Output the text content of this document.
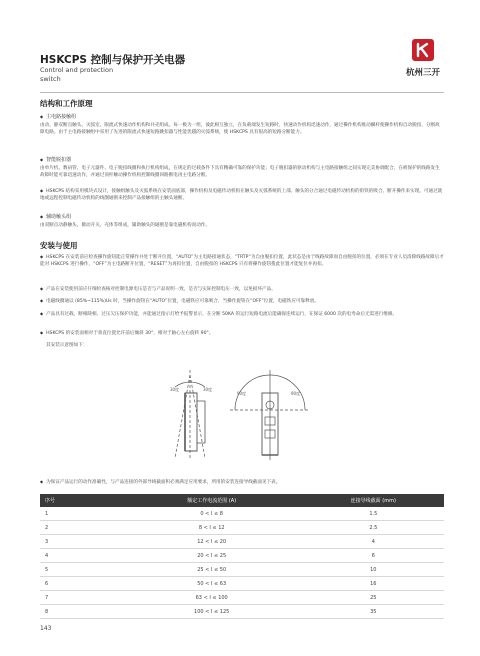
HSKCPS 控制与保护开关电器
Control and protection
switch
杭州三开
结构和工作原理
◆ 主电路接触组
由动、静双断点触头、灭弧室、限流式快速动作机构和并壳组成。每一极为一组，彼此相互独立，在负载端发生短路时，快速动作机构迅速动作，通过操作机构推动棘杆使操作机构自动脱扣，分断故障电路。由于主电路接触组中采用了先进的限流式快速短路跳扣器与性能优越的灭弧系统，使 HSKCPS 具有很高的短路分断能力。
◆ 智能脱扣器
由单片机、数码管、电子元器件、电子脱扣线圈和执行机构组成，在规定的过载条件下具有精确可靠的保护功能；电子脱扣器的驱动机构与主电路接触组之间实现完美协调配合，在被保护的线路发生故障时能可靠迅速动作，并通过顶杆触动操作机构控制线圈回路断电再主电路分断。
◆ HSKCPS 结构采用模块式设计，接触组触头及灭弧系统在安装面底部，操作机构及电磁传动机构在触头及灭弧系统的上部。触头的分合通过电磁传动机构的衔铁的吸合、断开操作来实现。可通过就地或远程控制电磁传动机构的线圈通断来控制产品接触组的主触头通断。
◆ 辅助触头组
由双断点动静触头、微动开关、壳体等组成，辅助触头的通断是靠电磁机构而动作。
安装与使用
◆ HSKCPS 在安装前应检查操作旋钮能正常操作并处于断开位置，“AUTO”为主电路接通状态，“TRTP”为自由脱扣位置，此状态是由于线路故障而自由脱扣的位置，必须在专业人员清除线路故障后才能对 HSKCPS 进行操作，“OFF”为主电路断开位置，“RESET”为再扣位置，自由脱扣的 HSKCPS 只有将操作旋钮拨此位置才能复位并再扣。
◆ 产品在安装使用前应仔细检查核对控制电源电压是否与产品说明一致，是否与实际控制电压一致，以免损坏产品。
◆ 电磁线圈通以 (85%~115%)Us 时，当操作旋钮在“AUTO”位置，电磁铁应可靠吸合，当操作旋钮在“OFF”位置，电磁铁应可靠释放。
◆ 产品具有过载、断相缺相、过压欠压保护功能，并能通过指示灯给予报警显示，在分断 50KA 的运行短路电流后能确保连续运行，在保证 6000 次的电寿命后无需进行维修。
◆ HSKCPS 的安装面相对于垂直位置允许前后倾斜 30°，相对于轴心左右旋转 90°。
其安装示意图如下：
30度	30度
90度	90度
◆ 为保证产品运行的动作准确性，与产品连接的外部导线截面积必须满足应用要求，所用的安装连接导线截面见下表。
序号	额定工作电流范围 (A)	连接导线截面 (mm)
1	0 < I ≤ 8	1.5
2	8 < I ≤ 12	2.5
3	12 < I ≤ 20	4
4	20 < I ≤ 25	6
5	25 < I ≤ 50	10
6	50 < I ≤ 63	16
7	63 < I ≤ 100	25
8	100 < I ≤ 125	35
143
